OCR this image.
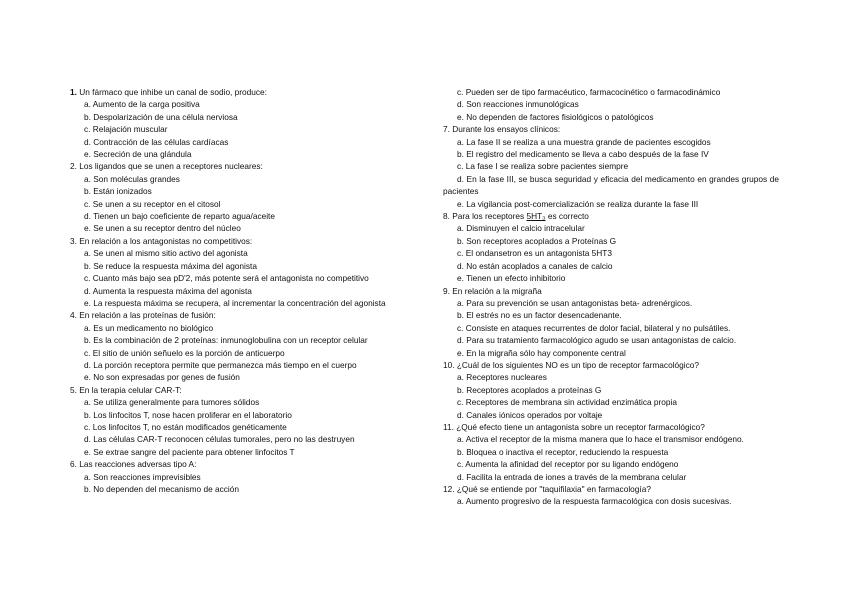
1. Un fármaco que inhibe un canal de sodio, produce:
a. Aumento de la carga positiva
b. Despolarización de una célula nerviosa
c. Relajación muscular
d. Contracción de las células cardíacas
e. Secreción de una glándula
2. Los ligandos que se unen a receptores nucleares:
a. Son moléculas grandes
b. Están ionizados
c. Se unen a su receptor en el citosol
d. Tienen un bajo coeficiente de reparto agua/aceite
e. Se unen a su receptor dentro del núcleo
3. En relación a los antagonistas no competitivos:
a. Se unen al mismo sitio activo del agonista
b. Se reduce la respuesta máxima del agonista
c. Cuanto más bajo sea pD'2, más potente será el antagonista no competitivo
d. Aumenta la respuesta máxima del agonista
e. La respuesta máxima se recupera, al incrementar la concentración del agonista
4. En relación a las proteínas de fusión:
a. Es un medicamento no biológico
b. Es la combinación de 2 proteínas: inmunoglobulina con un receptor celular
c. El sitio de unión señuelo es la porción de anticuerpo
d. La porción receptora permite que permanezca más tiempo en el cuerpo
e. No son expresadas por genes de fusión
5. En la terapia celular CAR-T:
a. Se utiliza generalmente para tumores sólidos
b. Los linfocitos T, nose hacen proliferar en el laboratorio
c. Los linfocitos T, no están modificados genéticamente
d. Las células CAR-T reconocen células tumorales, pero no las destruyen
e. Se extrae sangre del paciente para obtener linfocitos T
6. Las reacciones adversas tipo A:
a. Son reacciones imprevisibles
b. No dependen del mecanismo de acción
c. Pueden ser de tipo farmacéutico, farmacocinético o farmacodinámico
d. Son reacciones inmunológicas
e. No dependen de factores fisiológicos o patológicos
7. Durante los ensayos clínicos:
a. La fase II se realiza a una muestra grande de pacientes escogidos
b. El registro del medicamento se lleva a cabo después de la fase IV
c. La fase I se realiza sobre pacientes siempre
d. En la fase III, se busca seguridad y eficacia del medicamento en grandes grupos de pacientes
e. La vigilancia post-comercialización se realiza durante la fase III
8. Para los receptores 5HT₃ es correcto
a. Disminuyen el calcio intracelular
b. Son receptores acoplados a Proteínas G
c. El ondansetron es un antagonista 5HT3
d. No están acoplados a canales de calcio
e. Tienen un efecto inhibitorio
9. En relación a la migraña
a. Para su prevención se usan antagonistas beta- adrenérgicos.
b. El estrés no es un factor desencadenante.
c. Consiste en ataques recurrentes de dolor facial, bilateral y no pulsátiles.
d. Para su tratamiento farmacológico agudo se usan antagonistas de calcio.
e. En la migraña sólo hay componente central
10. ¿Cuál de los siguientes NO es un tipo de receptor farmacológico?
a. Receptores nucleares
b. Receptores acoplados a proteínas G
c. Receptores de membrana sin actividad enzimática propia
d. Canales iónicos operados por voltaje
11. ¿Qué efecto tiene un antagonista sobre un receptor farmacológico?
a. Activa el receptor de la misma manera que lo hace el transmisor endógeno.
b. Bloquea o inactiva el receptor, reduciendo la respuesta
c. Aumenta la afinidad del receptor por su ligando endógeno
d. Facilita la entrada de iones a través de la membrana celular
12. ¿Qué se entiende por "taquifilaxia" en farmacología?
a. Aumento progresivo de la respuesta farmacológica con dosis sucesivas.
